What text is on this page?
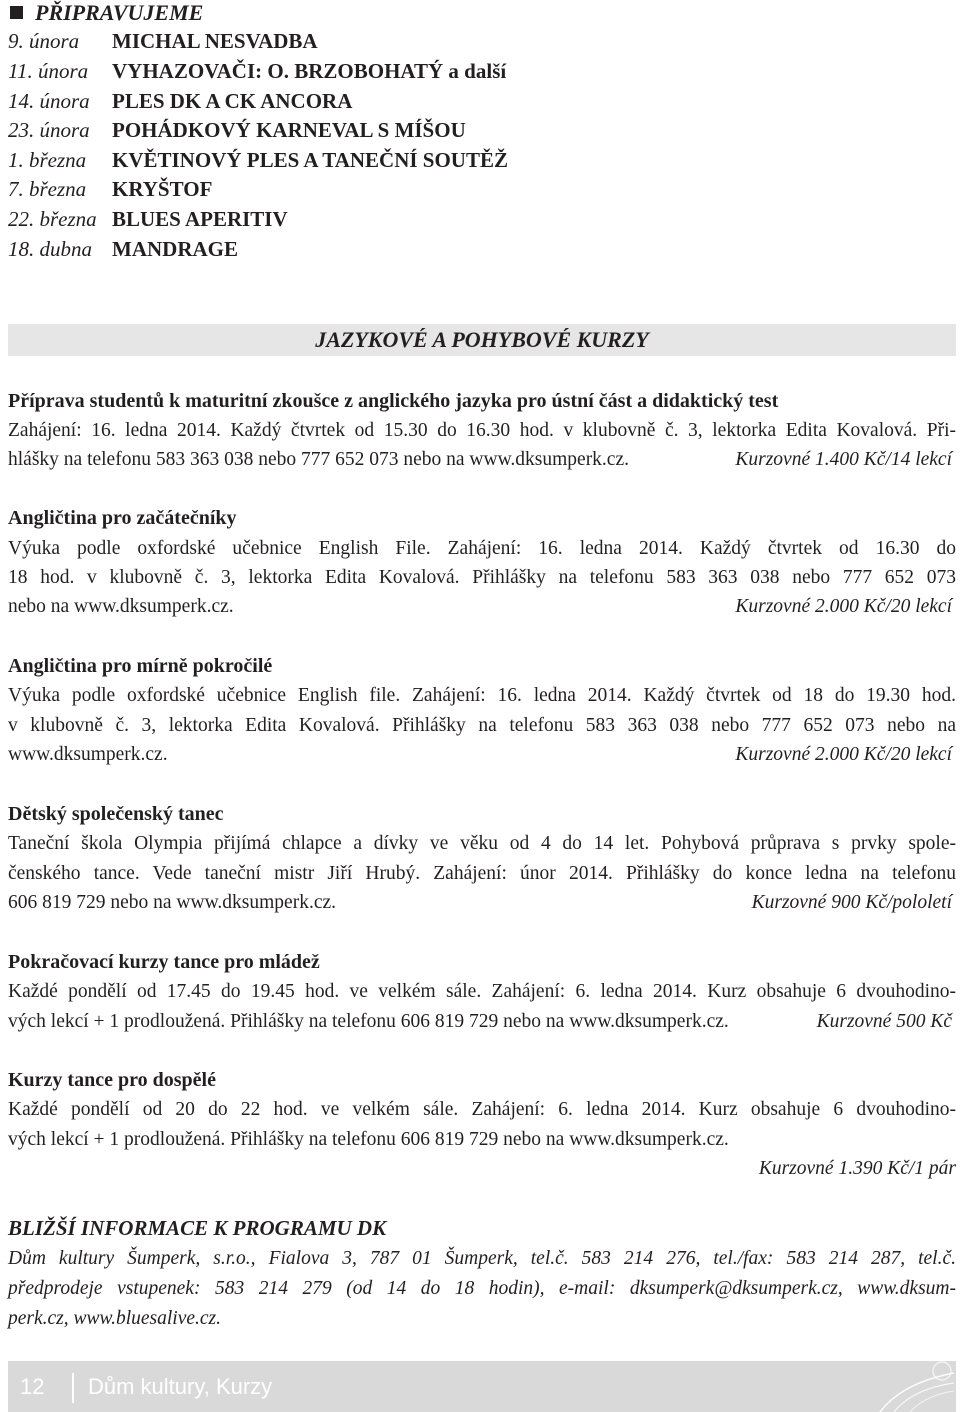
PŘIPRAVUJEME
9. února MICHAL NESVADBA
11. února VYHAZOVAČI: O. BRZOBOHATÝ a další
14. února PLES DK A CK ANCORA
23. února POHÁDKOVÝ KARNEVAL S MÍŠOU
1. března KVĚTINOVÝ PLES A TANEČNÍ SOUTĚŽ
7. března KRYŠTOF
22. března BLUES APERITIV
18. dubna MANDRAGE
JAZYKOVÉ A POHYBOVÉ KURZY
Příprava studentů k maturitní zkoušce z anglického jazyka pro ústní část a didaktický test
Zahájení: 16. ledna 2014. Každý čtvrtek od 15.30 do 16.30 hod. v klubovně č. 3, lektorka Edita Kovalová. Při-
hlášky na telefonu 583 363 038 nebo 777 652 073 nebo na www.dksumperk.cz.	Kurzovné 1.400 Kč/14 lekcí
Angličtina pro začátečníky
Výuka podle oxfordské učebnice English File. Zahájení: 16. ledna 2014. Každý čtvrtek od 16.30 do
18 hod. v klubovně č. 3, lektorka Edita Kovalová. Přihlášky na telefonu 583 363 038 nebo 777 652 073
nebo na www.dksumperk.cz.	Kurzovné 2.000 Kč/20 lekcí
Angličtina pro mírně pokročilé
Výuka podle oxfordské učebnice English file. Zahájení: 16. ledna 2014. Každý čtvrtek od 18 do 19.30 hod.
v klubovně č. 3, lektorka Edita Kovalová. Přihlášky na telefonu 583 363 038 nebo 777 652 073 nebo na
www.dksumperk.cz.	Kurzovné 2.000 Kč/20 lekcí
Dětský společenský tanec
Taneční škola Olympia přijímá chlapce a dívky ve věku od 4 do 14 let. Pohybová průprava s prvky spole-
čenského tance. Vede taneční mistr Jiří Hrubý. Zahájení: únor 2014. Přihlášky do konce ledna na telefonu
606 819 729 nebo na www.dksumperk.cz.	Kurzovné 900 Kč/pololetí
Pokračovací kurzy tance pro mládež
Každé pondělí od 17.45 do 19.45 hod. ve velkém sále. Zahájení: 6. ledna 2014. Kurz obsahuje 6 dvouhodino-
vých lekcí + 1 prodloužená. Přihlášky na telefonu 606 819 729 nebo na www.dksumperk.cz.	Kurzovné 500 Kč
Kurzy tance pro dospělé
Každé pondělí od 20 do 22 hod. ve velkém sále. Zahájení: 6. ledna 2014. Kurz obsahuje 6 dvouhodino-
vých lekcí + 1 prodloužená. Přihlášky na telefonu 606 819 729 nebo na www.dksumperk.cz.
Kurzovné 1.390 Kč/1 pár
BLIŽŠÍ INFORMACE K PROGRAMU DK
Dům kultury Šumperk, s.r.o., Fialova 3, 787 01 Šumperk, tel.č. 583 214 276, tel./fax: 583 214 287, tel.č.
předprodeje vstupenek: 583 214 279 (od 14 do 18 hodin), e-mail: dksumperk@dksumperk.cz, www.dksum-
perk.cz, www.bluesalive.cz.
12 Dům kultury, Kurzy
